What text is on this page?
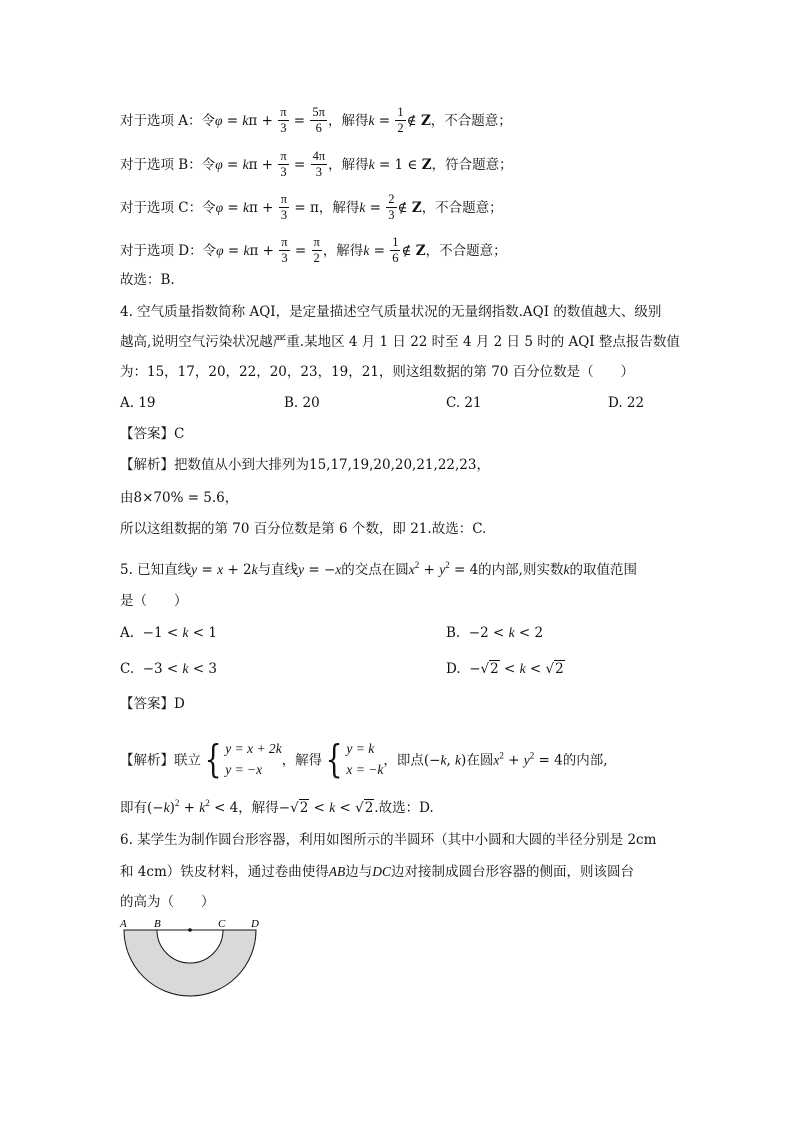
对于选项 A：令$\varphi = k\pi + \frac{\pi}{3} = \frac{5\pi}{6}$ ，解得$k = \frac{1}{2}$ ∉ Z，不合题意；
对于选项 B：令$\varphi = k\pi + \frac{\pi}{3} = \frac{4\pi}{3}$ ，解得k = 1 ∈ Z，符合题意；
对于选项 C：令$\varphi = k\pi + \frac{\pi}{3} = \pi$，解得$k = \frac{2}{3}$ ∉ Z，不合题意；
对于选项 D：令$\varphi = k\pi + \frac{\pi}{3} = \frac{\pi}{2}$ ，解得$k = \frac{1}{6}$ ∉ Z，不合题意；
故选：B.
4. 空气质量指数简称 AQI，是定量描述空气质量状况的无量纲指数.AQI 的数值越大、级别
越高,说明空气污染状况越严重.某地区 4 月 1 日 22 时至 4 月 2 日 5 时的 AQI 整点报告数值
为：15，17，20，22，20，23，19，21，则这组数据的第 70 百分位数是（　　）
A. 19	B. 20	C. 21	D. 22
【答案】C
【解析】把数值从小到大排列为15,17,19,20,20,21,22,23，
由8×70% = 5.6，
所以这组数据的第 70 百分位数是第 6 个数，即 21.故选：C.
5. 已知直线y = x + 2k与直线y = −x的交点在圆$x^2 + y^2 = 4$的内部,则实数k的取值范围
是（　　）
A.  −1 < k < 1	B.  −2 < k < 2
C.  −3 < k < 3	D.  −√2 < k < √2
【答案】D
【解析】联立{ y = x + 2k
y = −x，解得{ y = k
x = −k，即点(−k, k)在圆$x^2 + y^2 = 4$的内部,
即有$(-k)^2 + k^2 < 4$，解得−√2 < k < √2.故选：D.
6. 某学生为制作圆台形容器，利用如图所示的半圆环（其中小圆和大圆的半径分别是 2cm
和 4cm）铁皮材料，通过卷曲使得AB边与DC边对接制成圆台形容器的侧面，则该圆台
的高为（　　）
A B	C D
